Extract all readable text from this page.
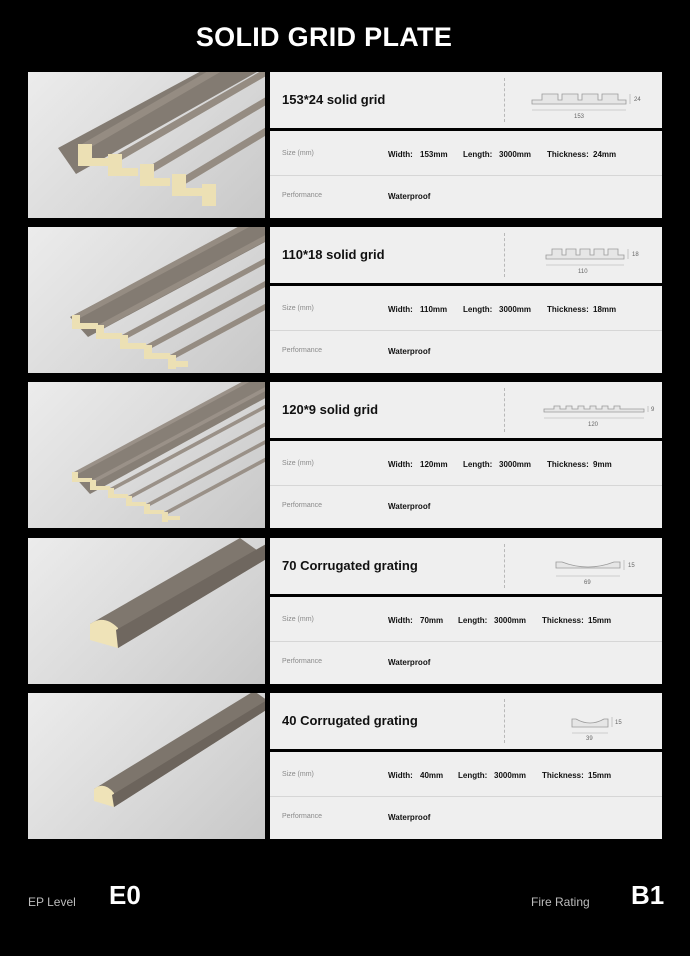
SOLID GRID PLATE
153*24 solid grid
153
24
Size (mm)	Width: 153mm Length: 3000mm Thickness: 24mm
Performance	Waterproof
110*18 solid grid
110
18
Size (mm)	Width: 110mm Length: 3000mm Thickness: 18mm
Performance	Waterproof
120*9 solid grid
120
9
Size (mm)	Width: 120mm Length: 3000mm Thickness: 9mm
Performance	Waterproof
70 Corrugated grating
69
15
Size (mm)	Width: 70mm Length: 3000mm Thickness: 15mm
Performance	Waterproof
40 Corrugated grating
39
15
Size (mm)	Width: 40mm Length: 3000mm Thickness: 15mm
Performance	Waterproof
EP Level E0	Fire Rating B1
